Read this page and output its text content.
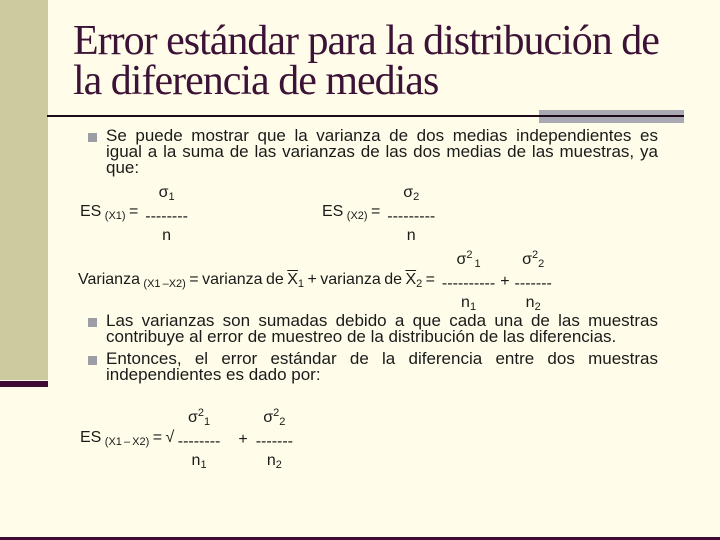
Error estándar para la distribución de
la diferencia de medias
Se puede mostrar que la varianza de dos medias independientes es igual a la suma de las varianzas de las dos medias de las muestras, ya que:
ES (X1) =
σ1
--------
n
ES (X2) =
σ2
---------
n
Varianza (X1 –X2) = varianza de $\overline{X}1$ + varianza de $\overline{X}2$ =
$\sigma^2$ 1
----------
n1
+
$\sigma^22$
-------
n2
Las varianzas son sumadas debido a que cada una de las muestras contribuye al error de muestreo de la distribución de las diferencias.
Entonces, el error estándar de la diferencia entre dos muestras independientes es dado por:
ES (X1 – X2) = √
$\sigma^21$
--------
n1
+
$\sigma^22$
-------
n2
